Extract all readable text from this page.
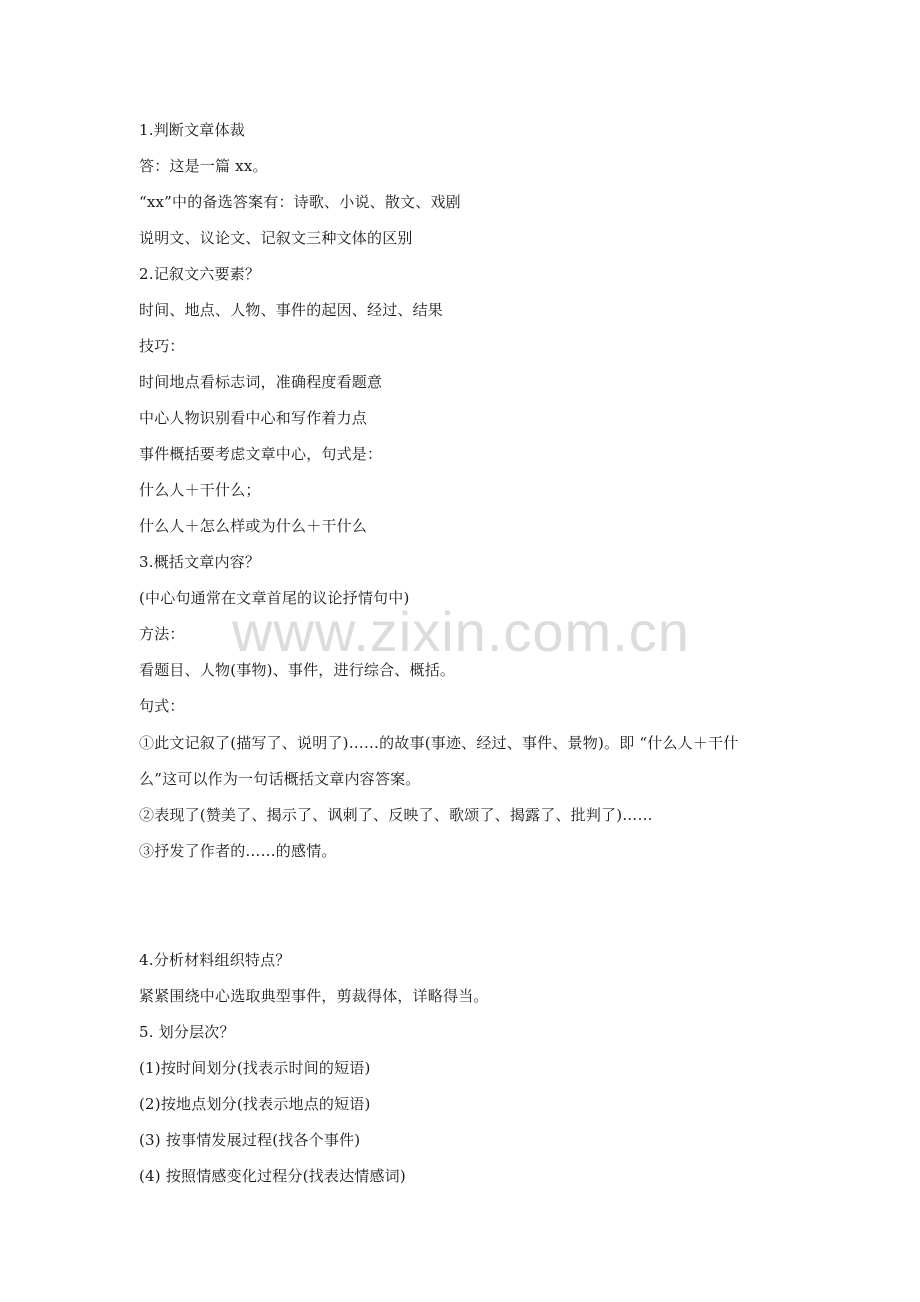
1.判断文章体裁
答：这是一篇 xx。
“xx”中的备选答案有：诗歌、小说、散文、戏剧
说明文、议论文、记叙文三种文体的区别
2.记叙文六要素？
时间、地点、人物、事件的起因、经过、结果
技巧：
时间地点看标志词，准确程度看题意
中心人物识别看中心和写作着力点
事件概括要考虑文章中心，句式是：
什么人＋干什么；
什么人＋怎么样或为什么＋干什么
3.概括文章内容？
(中心句通常在文章首尾的议论抒情句中)
方法：
看题目、人物(事物)、事件，进行综合、概括。
句式：
①此文记叙了(描写了、说明了)……的故事(事迹、经过、事件、景物)。即 “什么人＋干什
么”这可以作为一句话概括文章内容答案。
②表现了(赞美了、揭示了、讽刺了、反映了、歌颂了、揭露了、批判了)……
③抒发了作者的……的感情。
4.分析材料组织特点？
紧紧围绕中心选取典型事件，剪裁得体，详略得当。
5. 划分层次？
(1)按时间划分(找表示时间的短语)
(2)按地点划分(找表示地点的短语)
(3) 按事情发展过程(找各个事件)
(4) 按照情感变化过程分(找表达情感词)
www.zixin.com.cn
